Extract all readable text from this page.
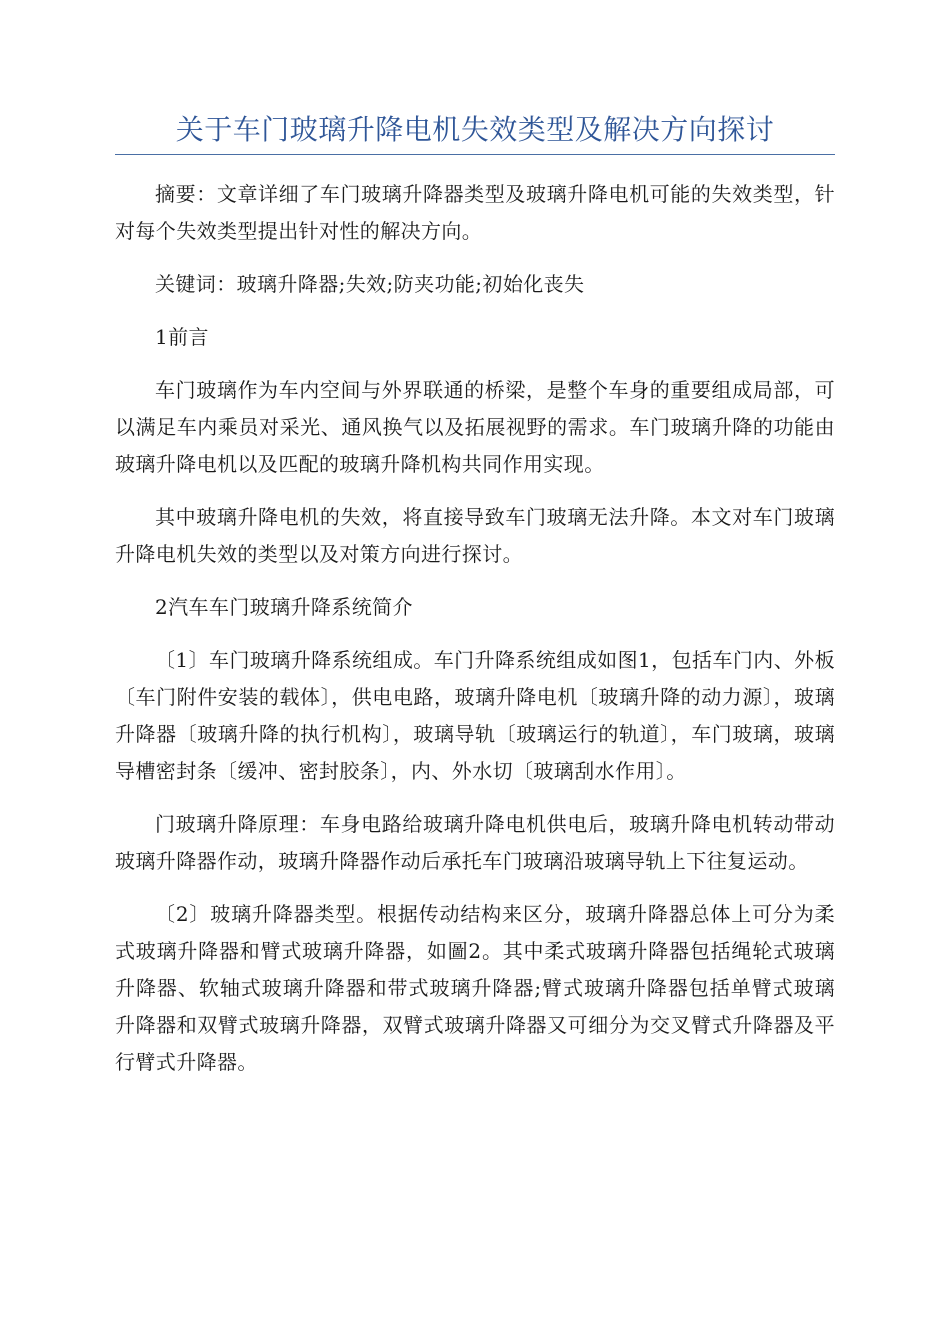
关于车门玻璃升降电机失效类型及解决方向探讨

摘要：文章详细了车门玻璃升降器类型及玻璃升降电机可能的失效类型，针对每个失效类型提出针对性的解决方向。

关键词：玻璃升降器;失效;防夹功能;初始化丧失

1前言

车门玻璃作为车内空间与外界联通的桥梁，是整个车身的重要组成局部，可以满足车内乘员对采光、通风换气以及拓展视野的需求。车门玻璃升降的功能由玻璃升降电机以及匹配的玻璃升降机构共同作用实现。

其中玻璃升降电机的失效，将直接导致车门玻璃无法升降。本文对车门玻璃升降电机失效的类型以及对策方向进行探讨。

2汽车车门玻璃升降系统简介

〔1〕车门玻璃升降系统组成。车门升降系统组成如图1，包括车门内、外板〔车门附件安装的载体〕，供电电路，玻璃升降电机〔玻璃升降的动力源〕，玻璃升降器〔玻璃升降的执行机构〕，玻璃导轨〔玻璃运行的轨道〕，车门玻璃，玻璃导槽密封条〔缓冲、密封胶条〕，内、外水切〔玻璃刮水作用〕。

门玻璃升降原理：车身电路给玻璃升降电机供电后，玻璃升降电机转动带动玻璃升降器作动，玻璃升降器作动后承托车门玻璃沿玻璃导轨上下往复运动。

〔2〕玻璃升降器类型。根据传动结构来区分，玻璃升降器总体上可分为柔式玻璃升降器和臂式玻璃升降器，如圖2。其中柔式玻璃升降器包括绳轮式玻璃升降器、软轴式玻璃升降器和带式玻璃升降器;臂式玻璃升降器包括单臂式玻璃升降器和双臂式玻璃升降器，双臂式玻璃升降器又可细分为交叉臂式升降器及平行臂式升降器。
